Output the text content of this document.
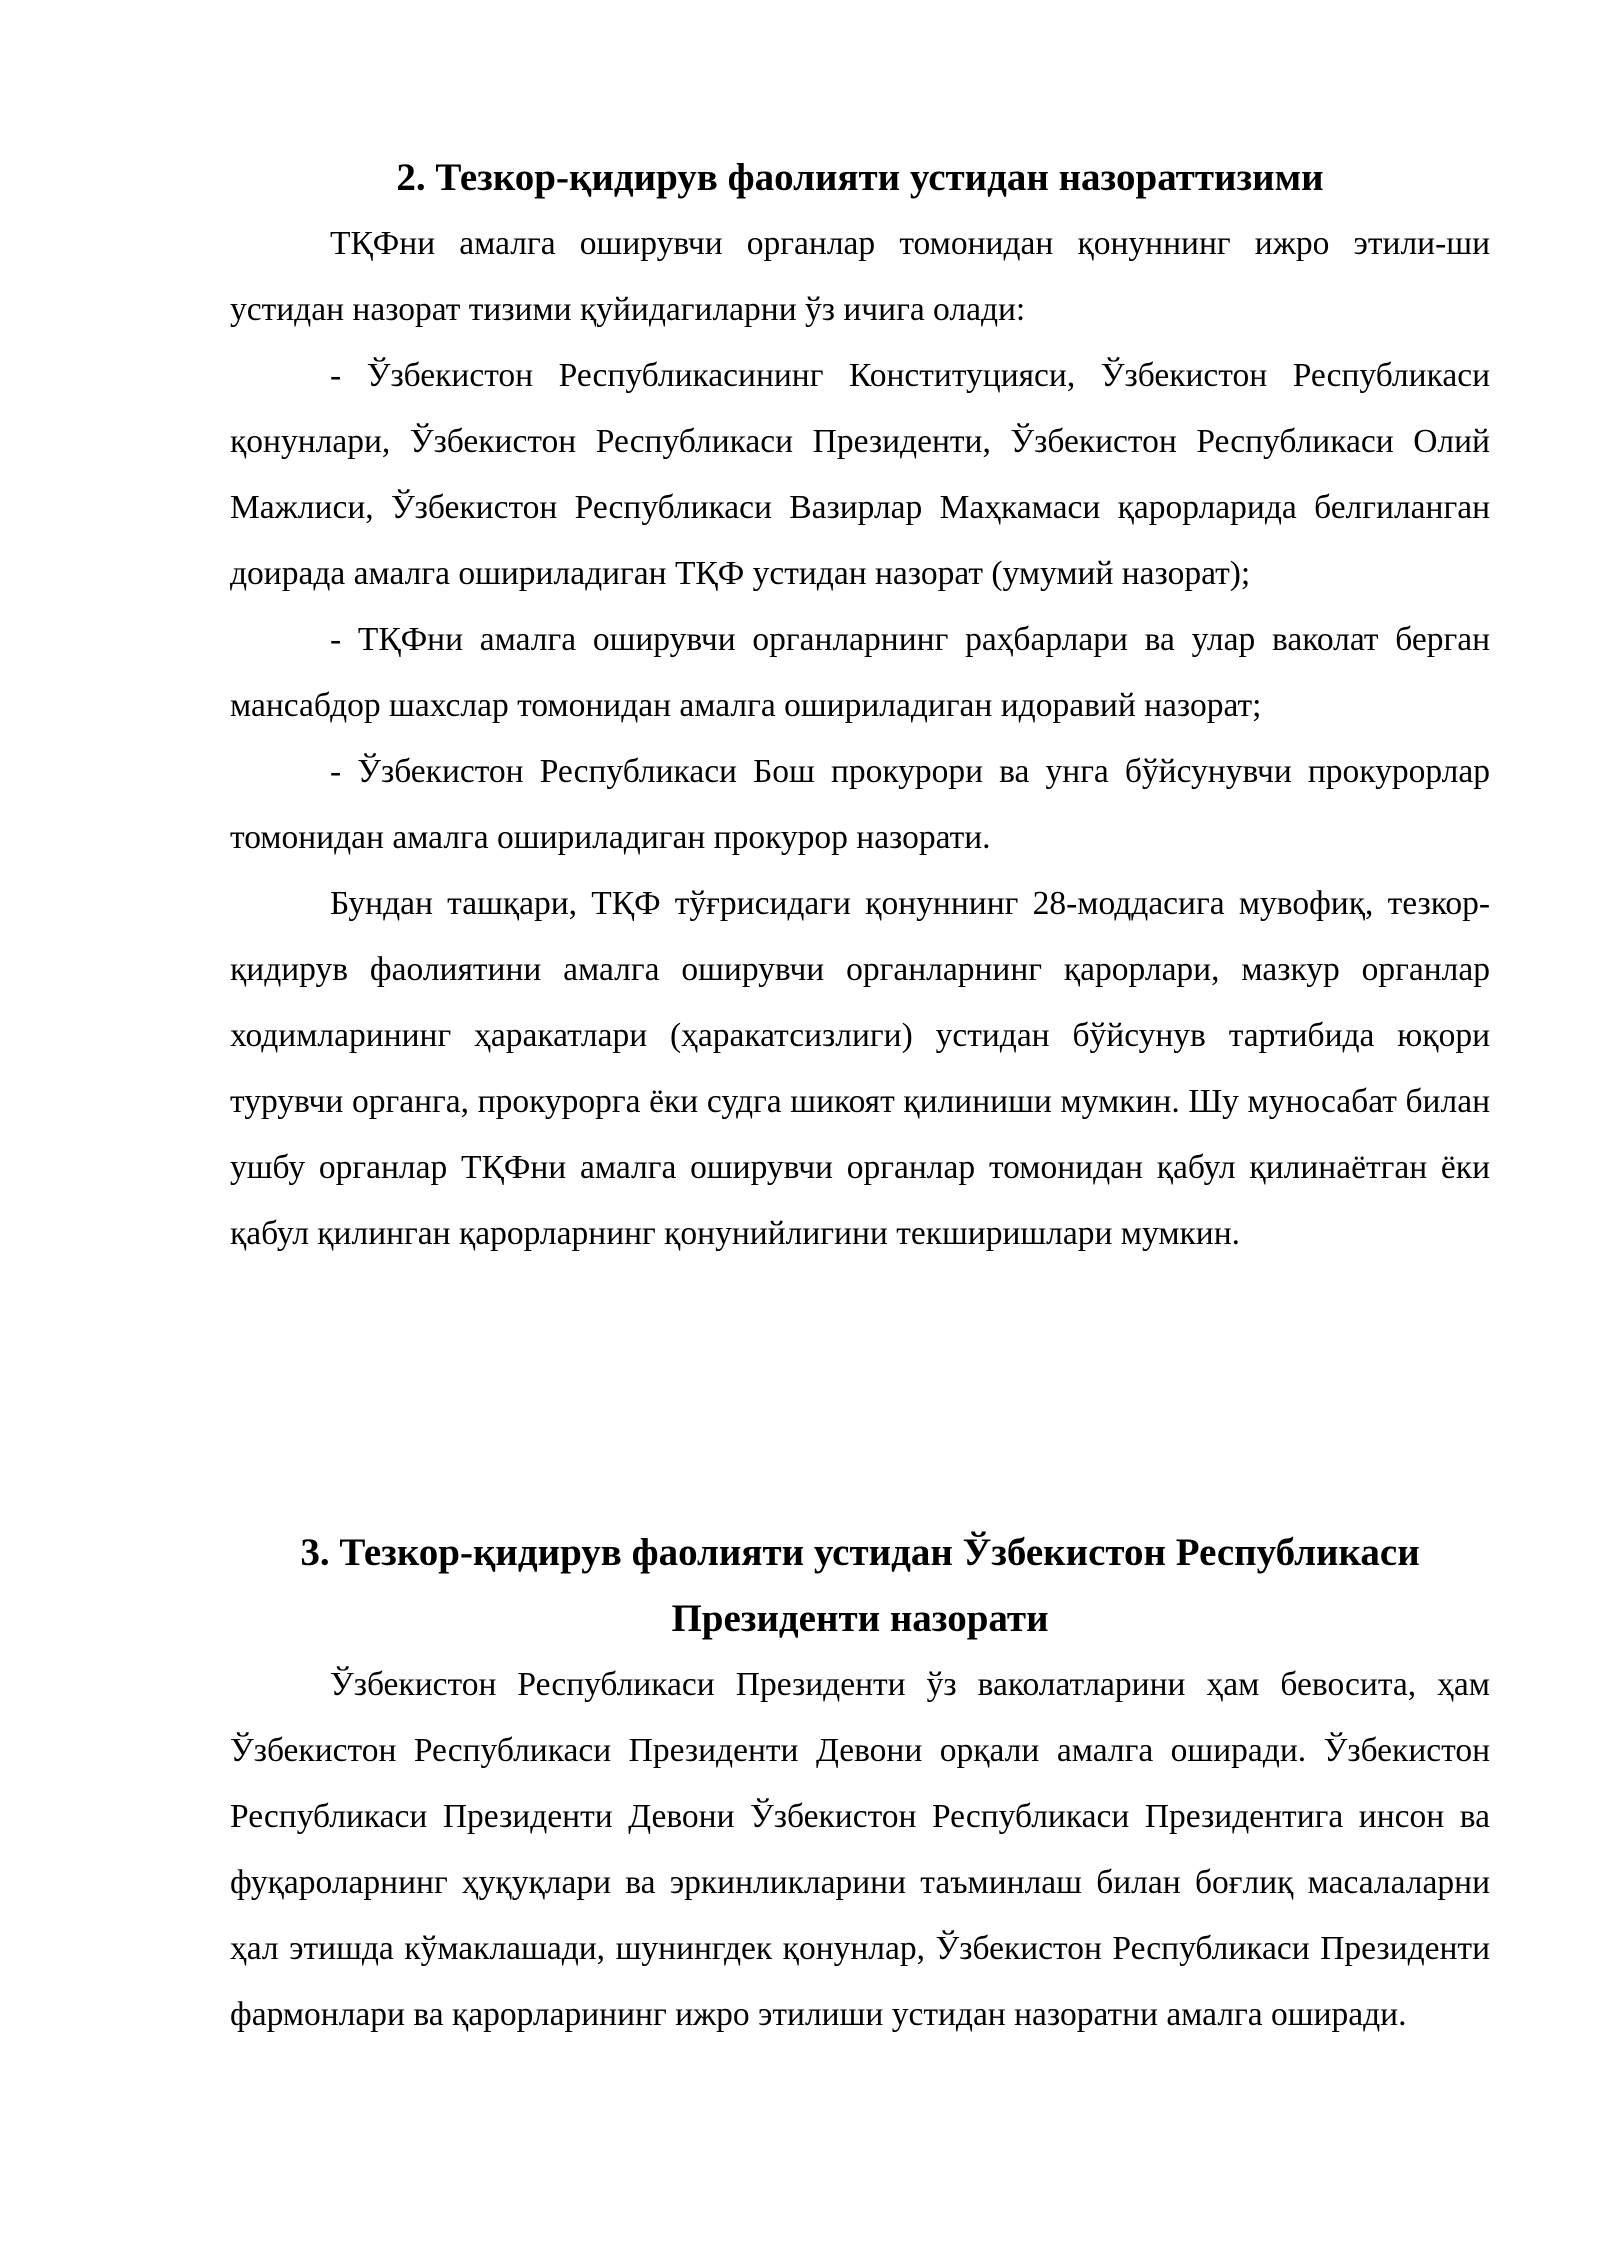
2. Тезкор-қидирув фаолияти устидан назораттизими

ТҚФни амалга оширувчи органлар томонидан қонуннинг ижро этили-ши устидан назорат тизими қуйидагиларни ўз ичига олади:

- Ўзбекистон Республикасининг Конституцияси, Ўзбекистон Республикаси қонунлари, Ўзбекистон Республикаси Президенти, Ўзбекистон Республикаси Олий Мажлиси, Ўзбекистон Республикаси Вазирлар Маҳкамаси қарорларида белгиланган доирада амалга ошириладиган ТҚФ устидан назорат (умумий назорат);

- ТҚФни амалга оширувчи органларнинг раҳбарлари ва улар ваколат берган мансабдор шахслар томонидан амалга ошириладиган идоравий назорат;

- Ўзбекистон Республикаси Бош прокурори ва унга бўйсунувчи прокурорлар томонидан амалга ошириладиган прокурор назорати.

Бундан ташқари, ТҚФ тўғрисидаги қонуннинг 28-моддасига мувофиқ, тезкор-қидирув фаолиятини амалга оширувчи органларнинг қарорлари, мазкур органлар ходимларининг ҳаракатлари (ҳаракатсизлиги) устидан бўйсунув тартибида юқори турувчи органга, прокурорга ёки судга шикоят қилиниши мумкин. Шу муносабат билан ушбу органлар ТҚФни амалга оширувчи органлар томонидан қабул қилинаётган ёки қабул қилинган қарорларнинг қонунийлигини текширишлари мумкин.

3. Тезкор-қидирув фаолияти устидан Ўзбекистон Республикаси
Президенти назорати

Ўзбекистон Республикаси Президенти ўз ваколатларини ҳам бевосита, ҳам Ўзбекистон Республикаси Президенти Девони орқали амалга оширади. Ўзбекистон Республикаси Президенти Девони Ўзбекистон Республикаси Президентига инсон ва фуқароларнинг ҳуқуқлари ва эркинликларини таъминлаш билан боғлиқ масалаларни ҳал этишда кўмаклашади, шунингдек қонунлар, Ўзбекистон Республикаси Президенти фармонлари ва қарорларининг ижро этилиши устидан назоратни амалга оширади.
